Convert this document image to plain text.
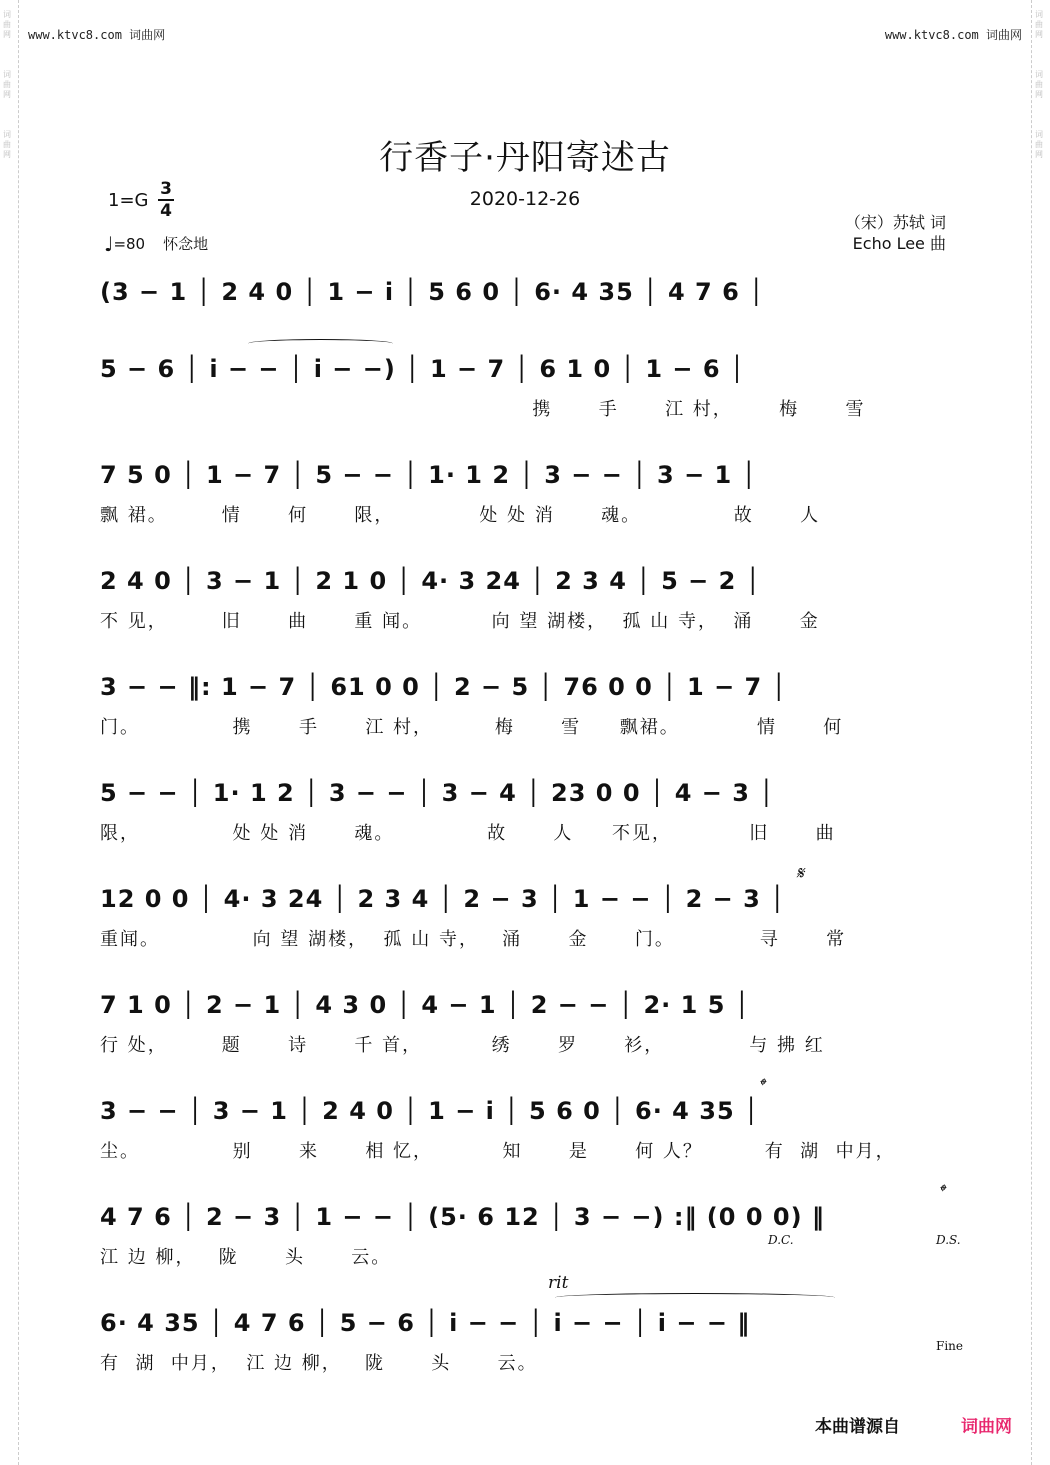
词曲网
词曲网
词曲网
词曲网
词曲网
词曲网
www.ktvc8.com 词曲网	www.ktvc8.com 词曲网
行香子·丹阳寄述古
2020-12-26
1=G
3
4
♩=80 怀念地
（宋）苏轼 词
Echo Lee 曲
(3 − 1 │ 2 4 0 │ 1 − i │ 5 6 0 │ 6· 4 35 │ 4 7 6 │
5 − 6 │ i − − │ i − −) │ 1 − 7 │ 6 1 0 │ 1 − 6 │
携      手      江 村，      梅      雪
7 5 0 │ 1 − 7 │ 5 − − │ 1· 1 2 │ 3 − − │ 3 − 1 │
飘 裙。       情      何      限，           处 处 消      魂。            故      人
2 4 0 │ 3 − 1 │ 2 1 0 │ 4· 3 24 │ 2 3 4 │ 5 − 2 │
不 见，       旧      曲      重 闻。         向 望 湖楼，  孤 山 寺，  涌      金
3 − − ‖: 1 − 7 │ 61 0 0 │ 2 − 5 │ 76 0 0 │ 1 − 7 │
门。            携      手      江 村，        梅      雪     飘裙。          情      何
5 − − │ 1· 1 2 │ 3 − − │ 3 − 4 │ 23 0 0 │ 4 − 3 │
限，            处 处 消      魂。            故      人     不见，          旧      曲
𝄋
12 0 0 │ 4· 3 24 │ 2 3 4 │ 2 − 3 │ 1 − − │ 2 − 3 │
重闻。            向 望 湖楼，  孤 山 寺，   涌      金      门。           寻      常
7 1 0 │ 2 − 1 │ 4 3 0 │ 4 − 1 │ 2 − − │ 2· 1 5 │
行 处，       题      诗      千 首，         绣      罗      衫，           与 拂 红
𝄌
3 − − │ 3 − 1 │ 2 4 0 │ 1 − i │ 5 6 0 │ 6· 4 35 │
尘。            别      来      相 忆，         知      是      何 人？        有  湖  中月，
𝄌
4 7 6 │ 2 − 3 │ 1 − − │ (5· 6 12 │ 3 − −) :‖ (0 0 0) ‖
江 边 柳，   陇      头      云。
D.C.	D.S.
rit
6· 4 35 │ 4 7 6 │ 5 − 6 │ i − − │ i − − │ i − − ‖
有  湖  中月，  江 边 柳，   陇      头      云。
Fine
本曲谱源自	词曲网
